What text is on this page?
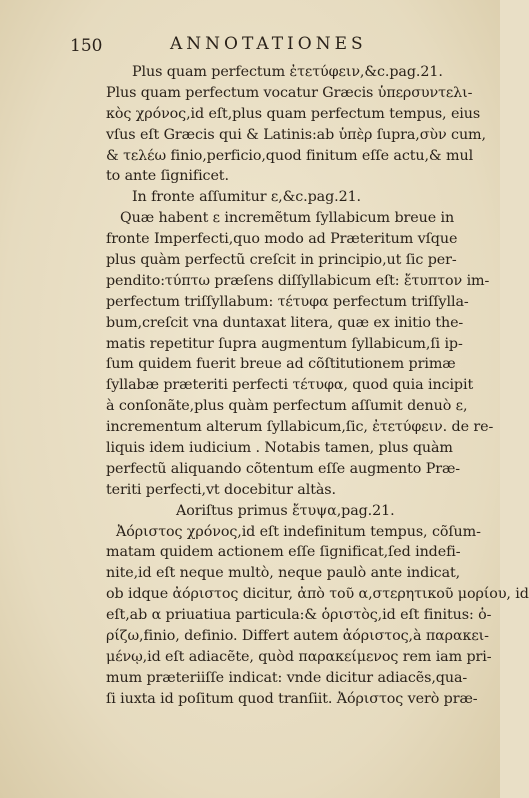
150	ANNOTATIONES
Plus quam perfectum ἐτετύφειν,&c.pag.21.
Plus quam perfectum vocatur Græcis ὑπερσυντελι-
κὸς χρόνος,id eſt,plus quam perfectum tempus, eius
vſus eſt Græcis qui & Latinis:ab ὑπὲρ ſupra,σὺν cum,
& τελέω finio,perficio,quod finitum eſſe actu,& mul
to ante ſignificet.
In fronte aſſumitur ε,&c.pag.21.
Quæ habent ε incremẽtum ſyllabicum breue in
fronte Imperfecti,quo modo ad Præteritum vſque
plus quàm perfectũ creſcit in principio,ut ſic per-
pendito:τύπτω præſens diſſyllabicum eſt: ἔτυπτον im-
perfectum triſſyllabum: τέτυφα perfectum triſſylla-
bum,creſcit vna duntaxat litera, quæ ex initio the-
matis repetitur ſupra augmentum ſyllabicum,ſi ip-
ſum quidem fuerit breue ad cõſtitutionem primæ
ſyllabæ præteriti perfecti τέτυφα, quod quia incipit
à conſonãte,plus quàm perfectum aſſumit denuò ε,
incrementum alterum ſyllabicum,ſic, ἐτετύφειν. de re-
liquis idem iudicium . Notabis tamen, plus quàm
perfectũ aliquando cõtentum eſſe augmento Præ-
teriti perfecti,vt docebitur altàs.
Aoriſtus primus ἔτυψα,pag.21.
Ἀόριστος χρόνος,id eſt indefinitum tempus, cõſum-
matam quidem actionem eſſe ſignificat,ſed indefi-
nite,id eſt neque multò, neque paulò ante indicat,
ob idque ἀόριστος dicitur, ἀπὸ τοῦ α,στερητικοῦ μορίου, id
eſt,ab α priuatiua particula:& ὁριστὸς,id eſt finitus: ὁ-
ρίζω,finio, definio. Differt autem ἀόριστος,à παρακει-
μένῳ,id eſt adiacẽte, quòd παρακείμενος rem iam pri-
mum præteriiſſe indicat: vnde dicitur adiacẽs,qua-
ſi iuxta id poſitum quod tranſiit. Ἀόριστος verò præ-
